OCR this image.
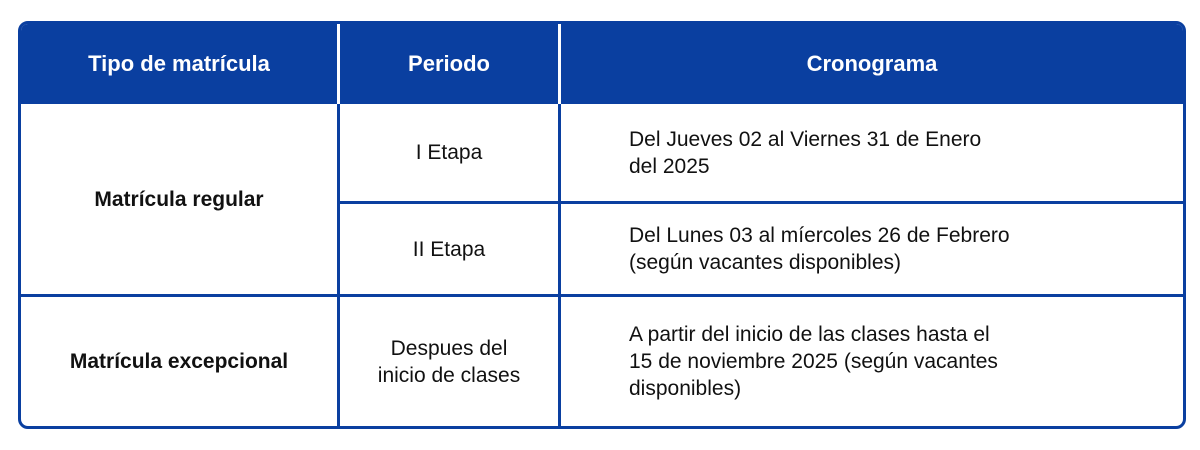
Tipo de matrícula	Periodo	Cronograma
Matrícula regular
I Etapa
Del Jueves 02 al Viernes 31 de Enero
del 2025
II Etapa
Del Lunes 03 al míercoles 26 de Febrero
(según vacantes disponibles)
Matrícula excepcional
Despues del
inicio de clases
A partir del inicio de las clases hasta el
15 de noviembre 2025 (según vacantes
disponibles)
